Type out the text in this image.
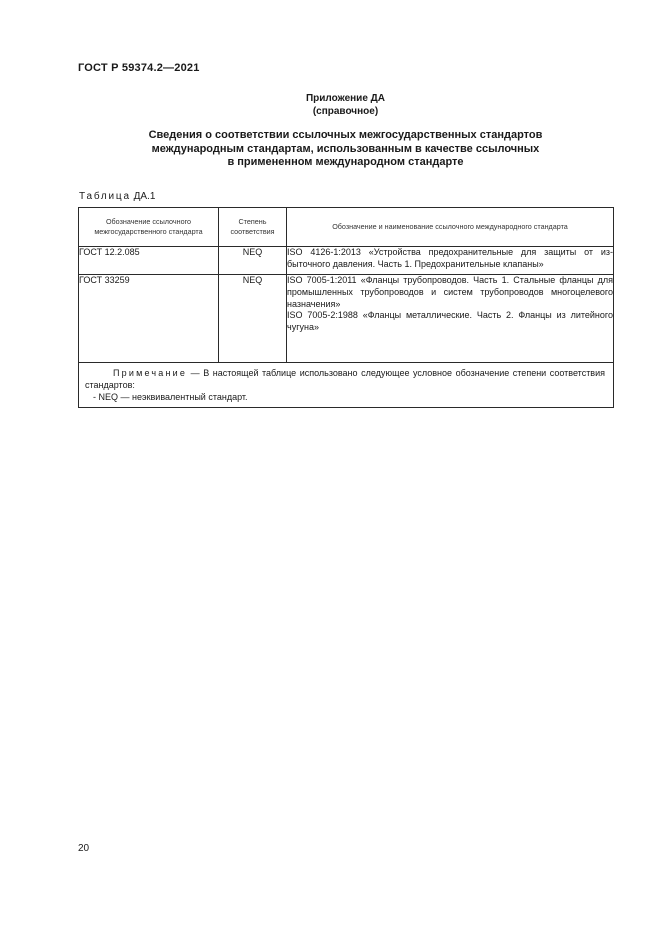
ГОСТ Р 59374.2—2021
Приложение ДА
(справочное)
Сведения о соответствии ссылочных межгосударственных стандартов
международным стандартам, использованным в качестве ссылочных
в примененном международном стандарте
Таблица ДА.1
Обозначение ссылочного межгосударственного стандарта	Степень соответствия	Обозначение и наименование ссылочного международного стандарта
ГОСТ 12.2.085	NEQ	ISO 4126-1:2013 «Устройства предохранительные для защиты от избыточного давления. Часть 1. Предохранительные клапаны»

ГОСТ 33259	NEQ	ISO 7005-1:2011 «Фланцы трубопроводов. Часть 1. Стальные фланцы для промышленных трубопроводов и систем трубопроводов многоцелевого назначения»
ISO 7005-2:1988 «Фланцы металлические. Часть 2. Фланцы из литейного чугуна»

Примечание — В настоящей таблице использовано следующее условное обозначение степени соответствия стандартов:
- NEQ — неэквивалентный стандарт.		
20
